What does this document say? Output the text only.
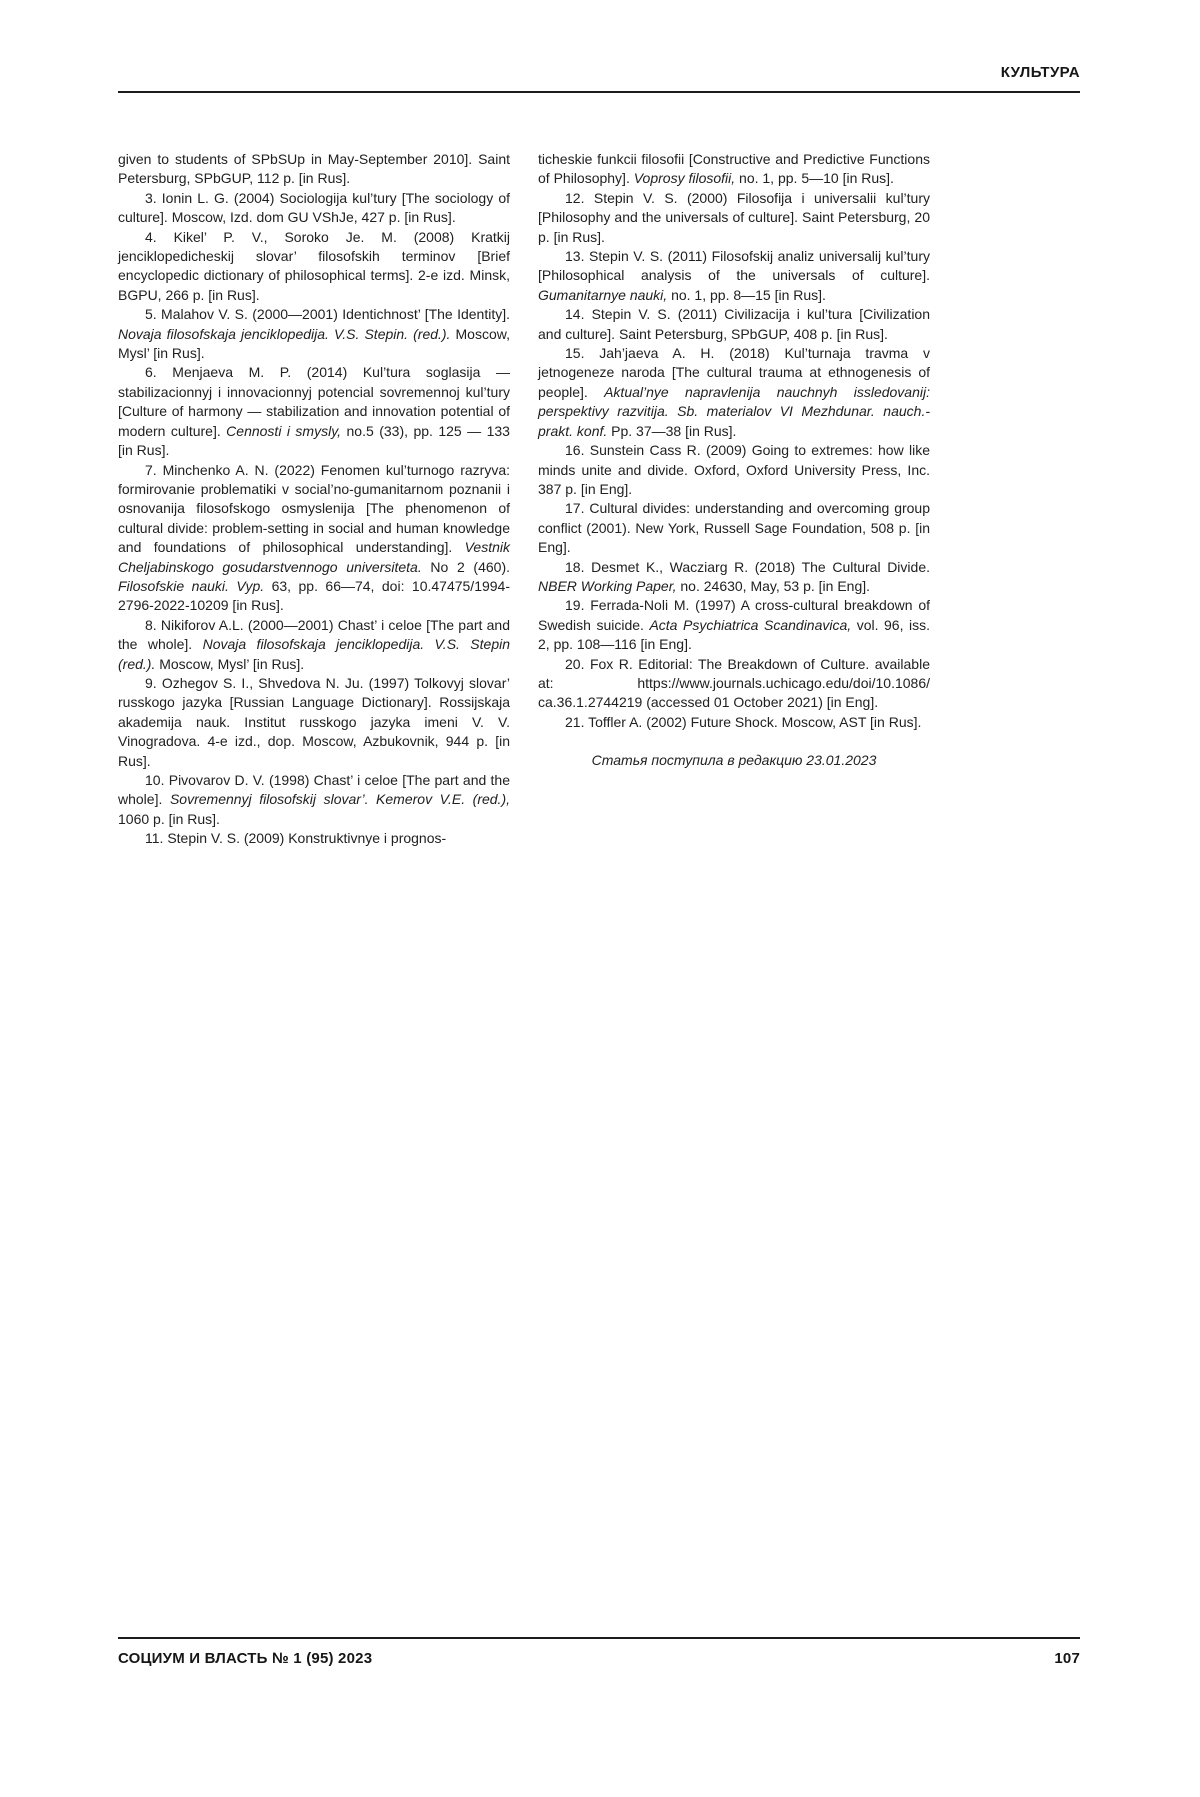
КУЛЬТУРА

given to students of SPbSUp in May-September 2010]. Saint Petersburg, SPbGUP, 112 p. [in Rus].

3. Ionin L. G. (2004) Sociologija kul’tury [The sociology of culture]. Moscow, Izd. dom GU VShJe, 427 p. [in Rus].

4. Kikel’ P. V., Soroko Je. M. (2008) Kratkij jenciklopedicheskij slovar’ filosofskih terminov [Brief encyclopedic dictionary of philosophical terms]. 2-e izd. Minsk, BGPU, 266 p. [in Rus].

5. Malahov V. S. (2000—2001) Identichnost’ [The Identity]. Novaja filosofskaja jenciklopedija. V.S. Stepin. (red.). Moscow, Mysl’ [in Rus].

6. Menjaeva M. P. (2014) Kul’tura soglasija — stabilizacionnyj i innovacionnyj potencial sovremennoj kul’tury [Culture of harmony — stabilization and innovation potential of modern culture]. Cennosti i smysly, no.5 (33), pp. 125 — 133 [in Rus].

7. Minchenko A. N. (2022) Fenomen kul’turnogo razryva: formirovanie problematiki v social’no-gumanitarnom poznanii i osnovanija filosofskogo osmyslenija [The phenomenon of cultural divide: problem-setting in social and human knowledge and foundations of philosophical understanding]. Vestnik Cheljabinskogo gosudarstvennogo universiteta. No 2 (460). Filosofskie nauki. Vyp. 63, pp. 66—74, doi: 10.47475/1994- 2796-2022-10209 [in Rus].

8. Nikiforov A.L. (2000—2001) Chast’ i celoe [The part and the whole]. Novaja filosofskaja jenciklopedija. V.S. Stepin (red.). Moscow, Mysl’ [in Rus].

9. Ozhegov S. I., Shvedova N. Ju. (1997) Tolkovyj slovar’ russkogo jazyka [Russian Language Dictionary]. Rossijskaja akademija nauk. Institut russkogo jazyka imeni V. V. Vinogradova. 4-e izd., dop. Moscow, Azbukovnik, 944 p. [in Rus].

10. Pivovarov D. V. (1998) Chast’ i celoe [The part and the whole]. Sovremennyj filosofskij slovar’. Kemerov V.E. (red.), 1060 p. [in Rus].

11. Stepin V. S. (2009) Konstruktivnye i prognos-

ticheskie funkcii filosofii [Constructive and Predictive Functions of Philosophy]. Voprosy filosofii, no. 1, pp. 5—10 [in Rus].

12. Stepin V. S. (2000) Filosofija i universalii kul’tury [Philosophy and the universals of culture]. Saint Petersburg, 20 p. [in Rus].

13. Stepin V. S. (2011) Filosofskij analiz universalij kul’tury [Philosophical analysis of the universals of culture]. Gumanitarnye nauki, no. 1, pp. 8—15 [in Rus].

14. Stepin V. S. (2011) Civilizacija i kul’tura [Civilization and culture]. Saint Petersburg, SPbGUP, 408 p. [in Rus].

15. Jah’jaeva A. H. (2018) Kul’turnaja travma v jetnogeneze naroda [The cultural trauma at ethnogenesis of people]. Aktual’nye napravlenija nauchnyh issledovanij: perspektivy razvitija. Sb. materialov VI Mezhdunar. nauch.-prakt. konf. Pp. 37—38 [in Rus].

16. Sunstein Cass R. (2009) Going to extremes: how like minds unite and divide. Oxford, Oxford University Press, Inc. 387 p. [in Eng].

17. Cultural divides: understanding and overcoming group conflict (2001). New York, Russell Sage Foundation, 508 p. [in Eng].

18. Desmet K., Wacziarg R. (2018) The Cultural Divide. NBER Working Paper, no. 24630, May, 53 p. [in Eng].

19. Ferrada-Noli M. (1997) A cross-cultural breakdown of Swedish suicide. Acta Psychiatrica Scandinavica, vol. 96, iss. 2, pp. 108—116 [in Eng].

20. Fox R. Editorial: The Breakdown of Culture. available at: https://www.journals.uchicago.edu/doi/10.1086/ ca.36.1.2744219 (accessed 01 October 2021) [in Eng].

21. Toffler A. (2002) Future Shock. Moscow, AST [in Rus].

Статья поступила в редакцию 23.01.2023

СОЦИУМ И ВЛАСТЬ № 1 (95) 2023	107
